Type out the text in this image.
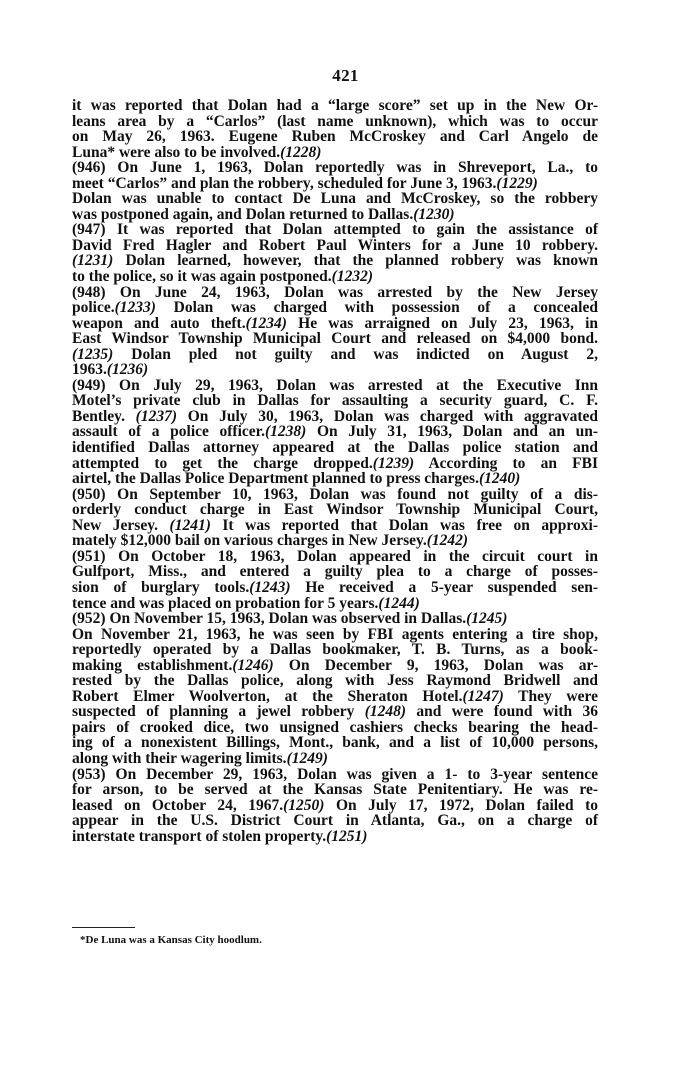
421
it was reported that Dolan had a “large score” set up in the New Or-
leans area by a “Carlos” (last name unknown), which was to occur
on May 26, 1963. Eugene Ruben McCroskey and Carl Angelo de
Luna* were also to be involved.(1228)
(946) On June 1, 1963, Dolan reportedly was in Shreveport, La., to
meet “Carlos” and plan the robbery, scheduled for June 3, 1963.(1229)
Dolan was unable to contact De Luna and McCroskey, so the robbery
was postponed again, and Dolan returned to Dallas.(1230)
(947) It was reported that Dolan attempted to gain the assistance of
David Fred Hagler and Robert Paul Winters for a June 10 robbery.
(1231) Dolan learned, however, that the planned robbery was known
to the police, so it was again postponed.(1232)
(948) On June 24, 1963, Dolan was arrested by the New Jersey
police.(1233) Dolan was charged with possession of a concealed
weapon and auto theft.(1234) He was arraigned on July 23, 1963, in
East Windsor Township Municipal Court and released on $4,000 bond.
(1235) Dolan pled not guilty and was indicted on August 2,
1963.(1236)
(949) On July 29, 1963, Dolan was arrested at the Executive Inn
Motel’s private club in Dallas for assaulting a security guard, C. F.
Bentley. (1237) On July 30, 1963, Dolan was charged with aggravated
assault of a police officer.(1238) On July 31, 1963, Dolan and an un-
identified Dallas attorney appeared at the Dallas police station and
attempted to get the charge dropped.(1239) According to an FBI
airtel, the Dallas Police Department planned to press charges.(1240)
(950) On September 10, 1963, Dolan was found not guilty of a dis-
orderly conduct charge in East Windsor Township Municipal Court,
New Jersey. (1241) It was reported that Dolan was free on approxi-
mately $12,000 bail on various charges in New Jersey.(1242)
(951) On October 18, 1963, Dolan appeared in the circuit court in
Gulfport, Miss., and entered a guilty plea to a charge of posses-
sion of burglary tools.(1243) He received a 5-year suspended sen-
tence and was placed on probation for 5 years.(1244)
(952) On November 15, 1963, Dolan was observed in Dallas.(1245)
On November 21, 1963, he was seen by FBI agents entering a tire shop,
reportedly operated by a Dallas bookmaker, T. B. Turns, as a book-
making establishment.(1246) On December 9, 1963, Dolan was ar-
rested by the Dallas police, along with Jess Raymond Bridwell and
Robert Elmer Woolverton, at the Sheraton Hotel.(1247) They were
suspected of planning a jewel robbery (1248) and were found with 36
pairs of crooked dice, two unsigned cashiers checks bearing the head-
ing of a nonexistent Billings, Mont., bank, and a list of 10,000 persons,
along with their wagering limits.(1249)
(953) On December 29, 1963, Dolan was given a 1- to 3-year sentence
for arson, to be served at the Kansas State Penitentiary. He was re-
leased on October 24, 1967.(1250) On July 17, 1972, Dolan failed to
appear in the U.S. District Court in Atlanta, Ga., on a charge of
interstate transport of stolen property.(1251)
*De Luna was a Kansas City hoodlum.
